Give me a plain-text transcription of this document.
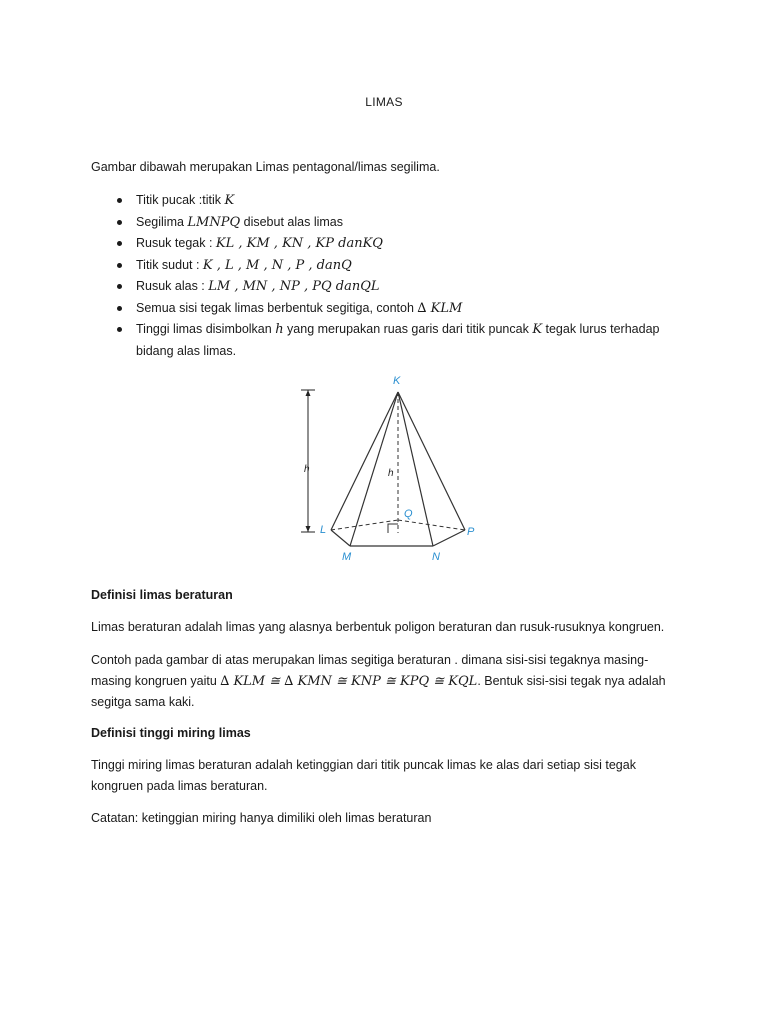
LIMAS
Gambar dibawah merupakan Limas pentagonal/limas segilima.
Titik pucak :titik K
Segilima LMNPQ disebut alas limas
Rusuk tegak : KL , KM , KN , KP danKQ
Titik sudut : K , L , M , N , P , danQ
Rusuk alas : LM , MN , NP , PQ danQL
Semua sisi tegak limas berbentuk segitiga, contoh ∆ KLM
Tinggi limas disimbolkan h yang merupakan ruas garis dari titik puncak K tegak lurus terhadap bidang alas limas.
K
L
M	N
P
Q
h	h

Definisi limas beraturan

Limas beraturan adalah limas yang alasnya berbentuk poligon beraturan dan rusuk-rusuknya kongruen.

Contoh pada gambar di atas merupakan limas segitiga beraturan . dimana sisi-sisi tegaknya masing-masing kongruen yaitu ∆ KLM ≅ ∆ KMN ≅ KNP ≅ KPQ ≅ KQL. Bentuk sisi-sisi tegak nya adalah segitga sama kaki.

Definisi tinggi miring limas

Tinggi miring limas beraturan adalah ketinggian dari titik puncak limas ke alas dari setiap sisi tegak kongruen pada limas beraturan.

Catatan: ketinggian miring hanya dimiliki oleh limas beraturan
